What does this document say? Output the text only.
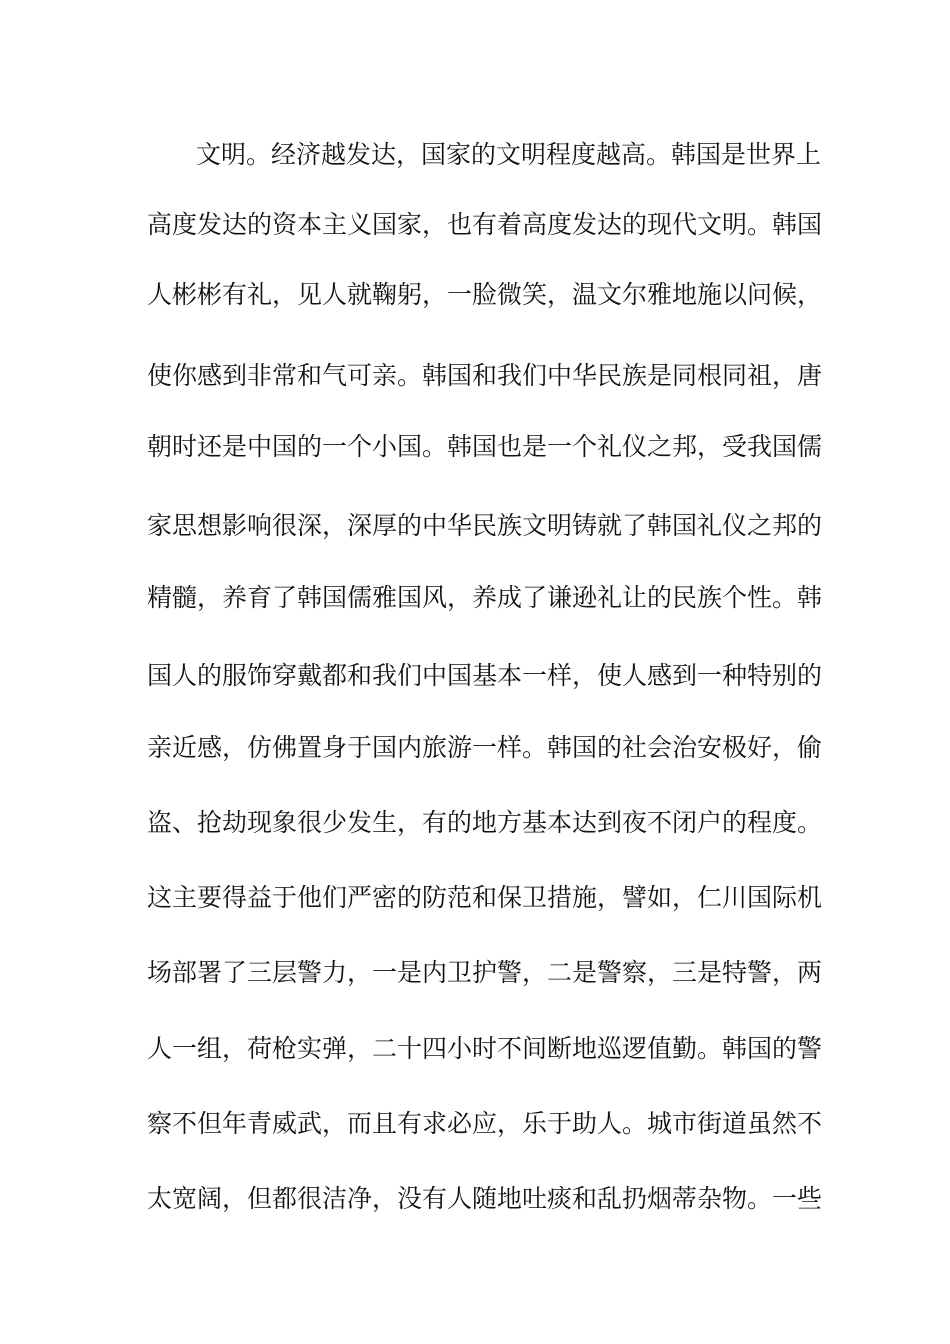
文明。经济越发达，国家的文明程度越高。韩国是世界上
高度发达的资本主义国家，也有着高度发达的现代文明。韩国
人彬彬有礼，见人就鞠躬，一脸微笑，温文尔雅地施以问候，
使你感到非常和气可亲。韩国和我们中华民族是同根同祖，唐
朝时还是中国的一个小国。韩国也是一个礼仪之邦，受我国儒
家思想影响很深，深厚的中华民族文明铸就了韩国礼仪之邦的
精髓，养育了韩国儒雅国风，养成了谦逊礼让的民族个性。韩
国人的服饰穿戴都和我们中国基本一样，使人感到一种特别的
亲近感，仿佛置身于国内旅游一样。韩国的社会治安极好，偷
盗、抢劫现象很少发生，有的地方基本达到夜不闭户的程度。
这主要得益于他们严密的防范和保卫措施，譬如，仁川国际机
场部署了三层警力，一是内卫护警，二是警察，三是特警，两
人一组，荷枪实弹，二十四小时不间断地巡逻值勤。韩国的警
察不但年青威武，而且有求必应，乐于助人。城市街道虽然不
太宽阔，但都很洁净，没有人随地吐痰和乱扔烟蒂杂物。一些
